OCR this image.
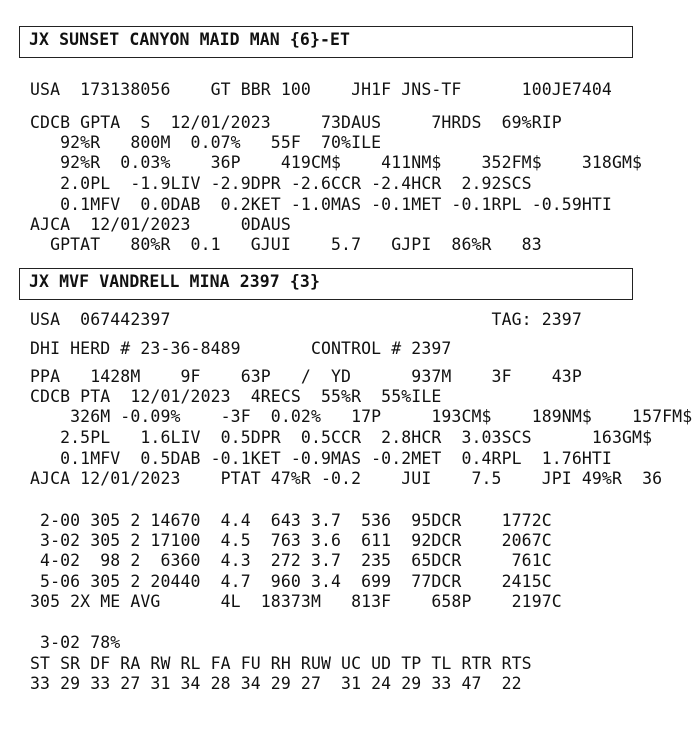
JX SUNSET CANYON MAID MAN {6}-ET
USA  173138056    GT BBR 100    JH1F JNS-TF      100JE7404
CDCB GPTA  S  12/01/2023     73DAUS     7HRDS  69%RIP
92%R   800M  0.07%   55F  70%ILE
92%R  0.03%    36P    419CM$    411NM$    352FM$    318GM$
2.0PL  -1.9LIV -2.9DPR -2.6CCR -2.4HCR  2.92SCS
0.1MFV  0.0DAB  0.2KET -1.0MAS -0.1MET -0.1RPL -0.59HTI
AJCA  12/01/2023     0DAUS
GPTAT   80%R  0.1   GJUI    5.7   GJPI  86%R   83
JX MVF VANDRELL MINA 2397 {3}
USA  067442397                                TAG: 2397
DHI HERD # 23-36-8489       CONTROL # 2397
PPA   1428M    9F    63P   /  YD      937M    3F    43P
CDCB PTA  12/01/2023  4RECS  55%R  55%ILE
326M -0.09%    -3F  0.02%   17P     193CM$    189NM$    157FM$
2.5PL   1.6LIV  0.5DPR  0.5CCR  2.8HCR  3.03SCS      163GM$
0.1MFV  0.5DAB -0.1KET -0.9MAS -0.2MET  0.4RPL  1.76HTI
AJCA 12/01/2023    PTAT 47%R -0.2    JUI    7.5    JPI 49%R  36
2-00 305 2 14670  4.4  643 3.7  536  95DCR    1772C
3-02 305 2 17100  4.5  763 3.6  611  92DCR    2067C
4-02  98 2  6360  4.3  272 3.7  235  65DCR     761C
5-06 305 2 20440  4.7  960 3.4  699  77DCR    2415C
305 2X ME AVG      4L  18373M   813F    658P    2197C
3-02 78%
ST SR DF RA RW RL FA FU RH RUW UC UD TP TL RTR RTS
33 29 33 27 31 34 28 34 29 27  31 24 29 33 47  22
